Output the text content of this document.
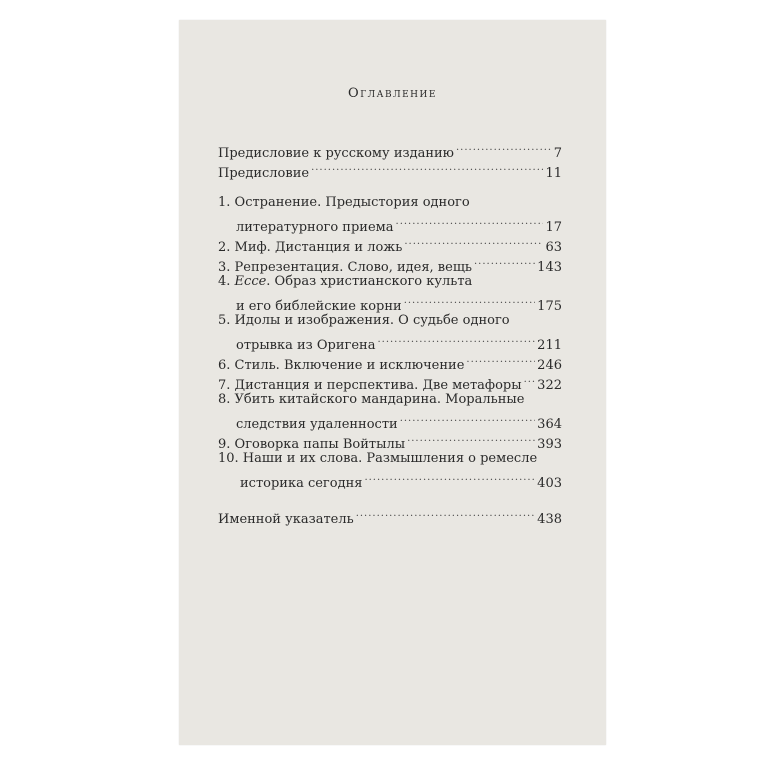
Оглавление
Предисловие к русскому изданию .....	7
Предисловие .....	11
1. Остранение. Предыстория одного
литературного приема .....	17
2. Миф. Дистанция и ложь .....	63
3. Репрезентация. Слово, идея, вещь .....	143
4. Ecce. Образ христианского культа
и его библейские корни .....	175
5. Идолы и изображения. О судьбе одного
отрывка из Оригена .....	211
6. Стиль. Включение и исключение .....	246
7. Дистанция и перспектива. Две метафоры ..... 322
8. Убить китайского мандарина. Моральные
следствия удаленности .....	364
9. Оговорка папы Войтылы .....	393
10. Наши и их слова. Размышления о ремесле
историка сегодня .....	403
Именной указатель .....	438
